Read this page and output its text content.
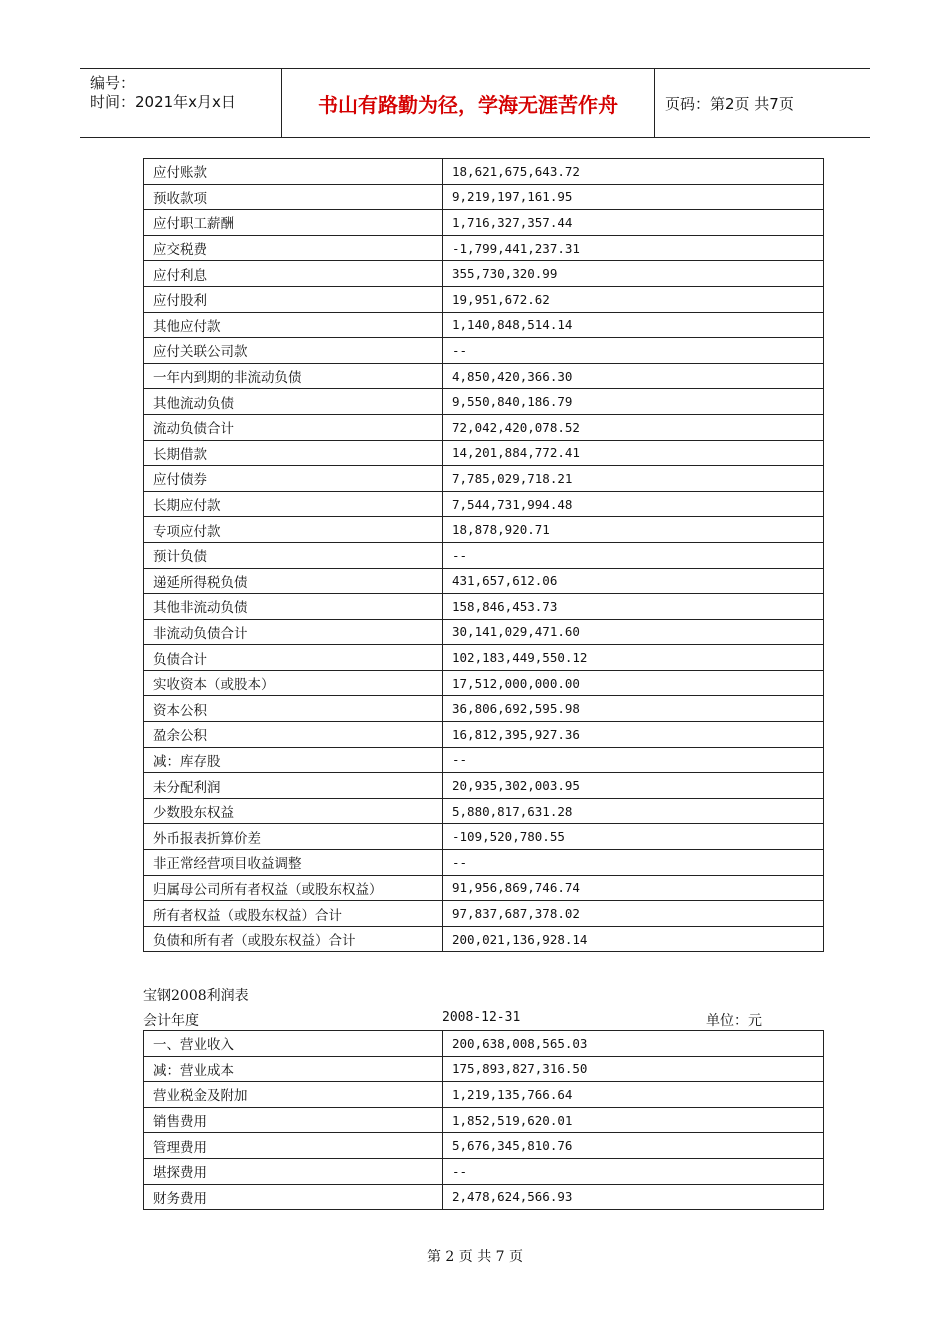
编号：
时间：2021年x月x日	书山有路勤为径，学海无涯苦作舟	页码：第2页 共7页
应付账款	18,621,675,643.72
预收款项	9,219,197,161.95
应付职工薪酬	1,716,327,357.44
应交税费	-1,799,441,237.31
应付利息	355,730,320.99
应付股利	19,951,672.62
其他应付款	1,140,848,514.14
应付关联公司款	--
一年内到期的非流动负债	4,850,420,366.30
其他流动负债	9,550,840,186.79
流动负债合计	72,042,420,078.52
长期借款	14,201,884,772.41
应付债券	7,785,029,718.21
长期应付款	7,544,731,994.48
专项应付款	18,878,920.71
预计负债	--
递延所得税负债	431,657,612.06
其他非流动负债	158,846,453.73
非流动负债合计	30,141,029,471.60
负债合计	102,183,449,550.12
实收资本（或股本）	17,512,000,000.00
资本公积	36,806,692,595.98
盈余公积	16,812,395,927.36
减：库存股	--
未分配利润	20,935,302,003.95
少数股东权益	5,880,817,631.28
外币报表折算价差	-109,520,780.55
非正常经营项目收益调整	--
归属母公司所有者权益（或股东权益）	91,956,869,746.74
所有者权益（或股东权益）合计	97,837,687,378.02
负债和所有者（或股东权益）合计	200,021,136,928.14
宝钢2008利润表
会计年度	2008-12-31	单位：元
一、营业收入	200,638,008,565.03
减：营业成本	175,893,827,316.50
营业税金及附加	1,219,135,766.64
销售费用	1,852,519,620.01
管理费用	5,676,345,810.76
堪探费用	--
财务费用	2,478,624,566.93
第 2 页 共 7 页
